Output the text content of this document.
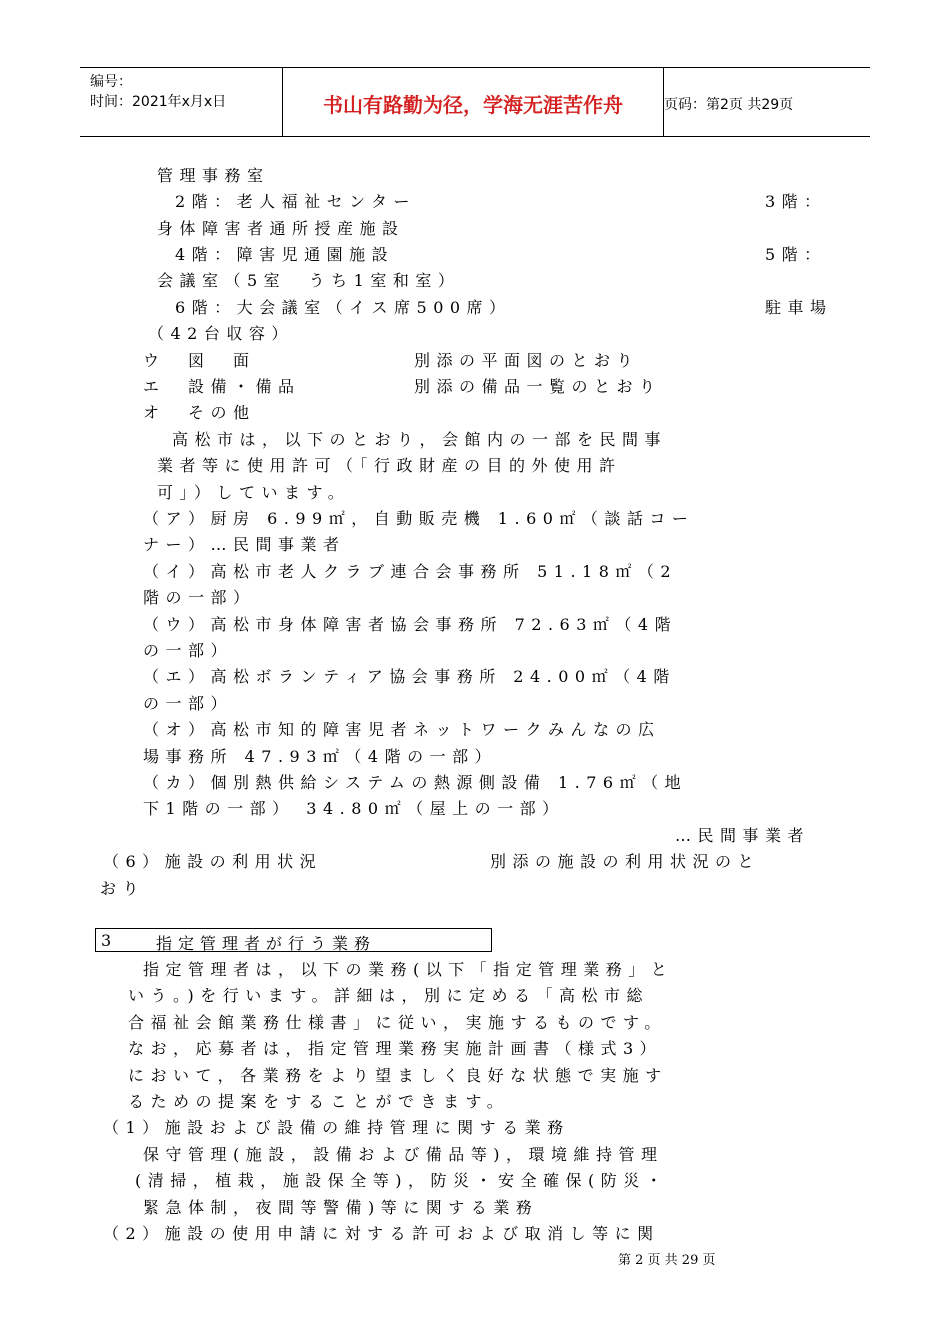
编号：
时间：2021年x月x日	书山有路勤为径，学海无涯苦作舟	页码：第2页 共29页
管理事務室
2階：老人福祉センター	3階：
身体障害者通所授産施設
4階：障害児通園施設	5階：
会議室（5室　うち1室和室）
6階：大会議室（イス席500席）	駐車場
（42台収容）
ウ　図　面	別添の平面図のとおり
エ　設備・備品	別添の備品一覧のとおり
オ　その他
高松市は，以下のとおり，会館内の一部を民間事
業者等に使用許可（「行政財産の目的外使用許
可」）しています。
（ア）厨房 6.99㎡，自動販売機 1.60㎡（談話コー
ナー）…民間事業者
（イ）高松市老人クラブ連合会事務所 51.18㎡（2
階の一部）
（ウ）高松市身体障害者協会事務所 72.63㎡（4階
の一部）
（エ）高松ボランティア協会事務所 24.00㎡（4階
の一部）
（オ）高松市知的障害児者ネットワークみんなの広
場事務所 47.93㎡（4階の一部）
（カ）個別熱供給システムの熱源側設備 1.76㎡（地
下1階の一部） 34.80㎡（屋上の一部）
…民間事業者
（6）施設の利用状況	別添の施設の利用状況のと
おり
3 指定管理者が行う業務
指定管理者は，以下の業務(以下「指定管理業務」と
いう。)を行います。詳細は，別に定める「高松市総
合福祉会館業務仕様書」に従い，実施するものです。
なお，応募者は，指定管理業務実施計画書（様式3）
において，各業務をより望ましく良好な状態で実施す
るための提案をすることができます。
（1）施設および設備の維持管理に関する業務
保守管理(施設，設備および備品等)，環境維持管理
(清掃，植栽，施設保全等)，防災・安全確保(防災・
緊急体制，夜間等警備)等に関する業務
（2）施設の使用申請に対する許可および取消し等に関
第 2 页 共 29 页
